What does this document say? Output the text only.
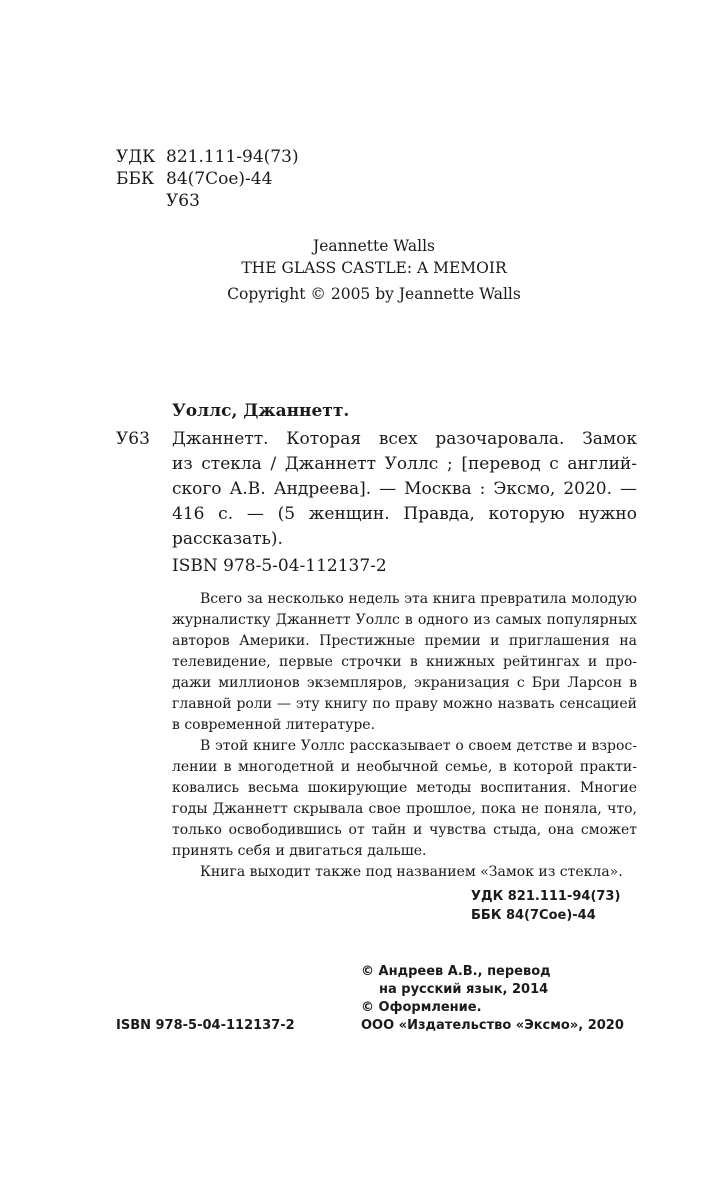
УДК 821.111-94(73)
ББК 84(7Сое)-44
У63
Jeannette Walls
THE GLASS CASTLE: A MEMOIR
Copyright © 2005 by Jeannette Walls
Уоллс, Джаннетт.
У63 Джаннетт. Которая всех разочаровала. Замок
из стекла / Джаннетт Уоллс ; [перевод с англий-
ского А.В. Андреева]. — Москва : Эксмо, 2020. —
416 с. — (5 женщин. Правда, которую нужно
рассказать).
ISBN 978-5-04-112137-2
Всего за несколько недель эта книга превратила молодую
журналистку Джаннетт Уоллс в одного из самых популярных
авторов Америки. Престижные премии и приглашения на
телевидение, первые строчки в книжных рейтингах и про-
дажи миллионов экземпляров, экранизация с Бри Ларсон в
главной роли — эту книгу по праву можно назвать сенсацией
в современной литературе.
В этой книге Уоллс рассказывает о своем детстве и взрос-
лении в многодетной и необычной семье, в которой практи-
ковались весьма шокирующие методы воспитания. Многие
годы Джаннетт скрывала свое прошлое, пока не поняла, что,
только освободившись от тайн и чувства стыда, она сможет
принять себя и двигаться дальше.
Книга выходит также под названием «Замок из стекла».
УДК 821.111-94(73)
ББК 84(7Сое)-44
© Андреев А.В., перевод
на русский язык, 2014
© Оформление.
ООО «Издательство «Эксмо», 2020
ISBN 978-5-04-112137-2
